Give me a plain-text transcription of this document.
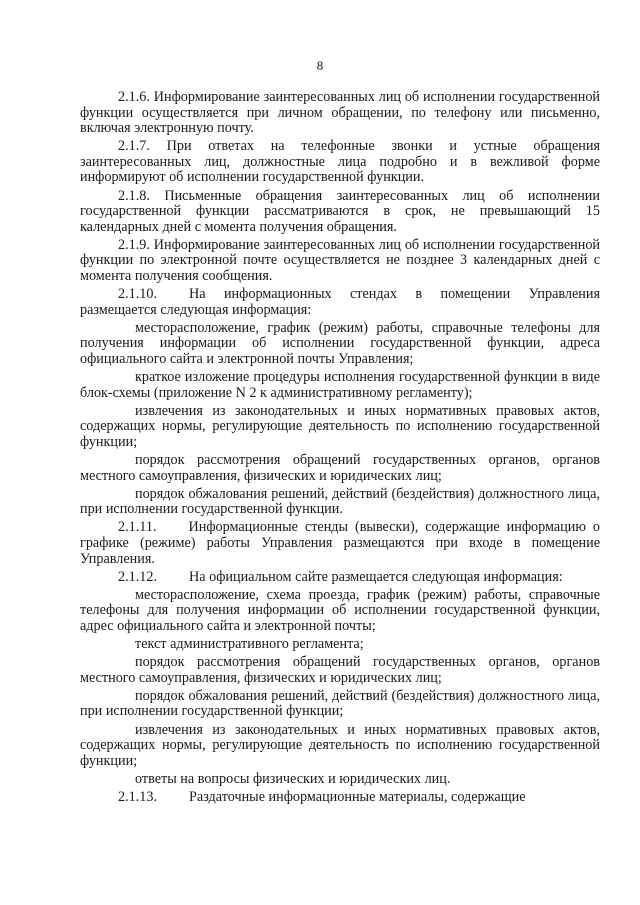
8

2.1.6. Информирование заинтересованных лиц об исполнении государственной функции осуществляется при личном обращении, по телефону или письменно, включая электронную почту.

2.1.7. При ответах на телефонные звонки и устные обращения заинтересованных лиц, должностные лица подробно и в вежливой форме информируют об исполнении государственной функции.

2.1.8. Письменные обращения заинтересованных лиц об исполнении государственной функции рассматриваются в срок, не превышающий 15 календарных дней с момента получения обращения.

2.1.9. Информирование заинтересованных лиц об исполнении государственной функции по электронной почте осуществляется не позднее 3 календарных дней с момента получения сообщения.

2.1.10. На информационных стендах в помещении Управления размещается следующая информация:

месторасположение, график (режим) работы, справочные телефоны для получения информации об исполнении государственной функции, адреса официального сайта и электронной почты Управления;

краткое изложение процедуры исполнения государственной функции в виде блок-схемы (приложение N 2 к административному регламенту);

извлечения из законодательных и иных нормативных правовых актов, содержащих нормы, регулирующие деятельность по исполнению государственной функции;

порядок рассмотрения обращений государственных органов, органов местного самоуправления, физических и юридических лиц;

порядок обжалования решений, действий (бездействия) должностного лица, при исполнении государственной функции.

2.1.11. Информационные стенды (вывески), содержащие информацию о графике (режиме) работы Управления размещаются при входе в помещение Управления.

2.1.12. На официальном сайте размещается следующая информация:

месторасположение, схема проезда, график (режим) работы, справочные телефоны для получения информации об исполнении государственной функции, адрес официального сайта и электронной почты;

текст административного регламента;

порядок рассмотрения обращений государственных органов, органов местного самоуправления, физических и юридических лиц;

порядок обжалования решений, действий (бездействия) должностного лица, при исполнении государственной функции;

извлечения из законодательных и иных нормативных правовых актов, содержащих нормы, регулирующие деятельность по исполнению государственной функции;

ответы на вопросы физических и юридических лиц.

2.1.13. Раздаточные информационные материалы, содержащие
